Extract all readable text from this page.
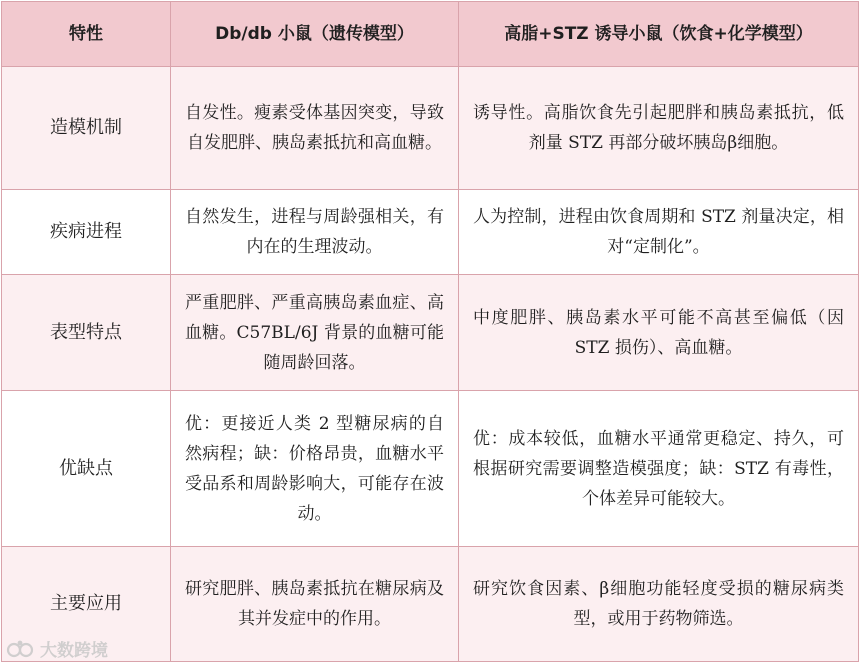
特性	Db/db 小鼠（遗传模型）	高脂+STZ 诱导小鼠（饮食+化学模型）
造模机制	自发性。瘦素受体基因突变，导致自发肥胖、胰岛素抵抗和高血糖。	诱导性。高脂饮食先引起肥胖和胰岛素抵抗，低剂量 STZ 再部分破坏胰岛β细胞。
疾病进程	自然发生，进程与周龄强相关，有内在的生理波动。	人为控制，进程由饮食周期和 STZ 剂量决定，相对“定制化”。
表型特点	严重肥胖、严重高胰岛素血症、高血糖。C57BL/6J 背景的血糖可能随周龄回落。	中度肥胖、胰岛素水平可能不高甚至偏低（因 STZ 损伤）、高血糖。
优缺点	优：更接近人类 2 型糖尿病的自然病程；缺：价格昂贵，血糖水平受品系和周龄影响大，可能存在波动。	优：成本较低，血糖水平通常更稳定、持久，可根据研究需要调整造模强度；缺：STZ 有毒性，个体差异可能较大。
主要应用	研究肥胖、胰岛素抵抗在糖尿病及其并发症中的作用。	研究饮食因素、β细胞功能轻度受损的糖尿病类型，或用于药物筛选。
大数跨境
